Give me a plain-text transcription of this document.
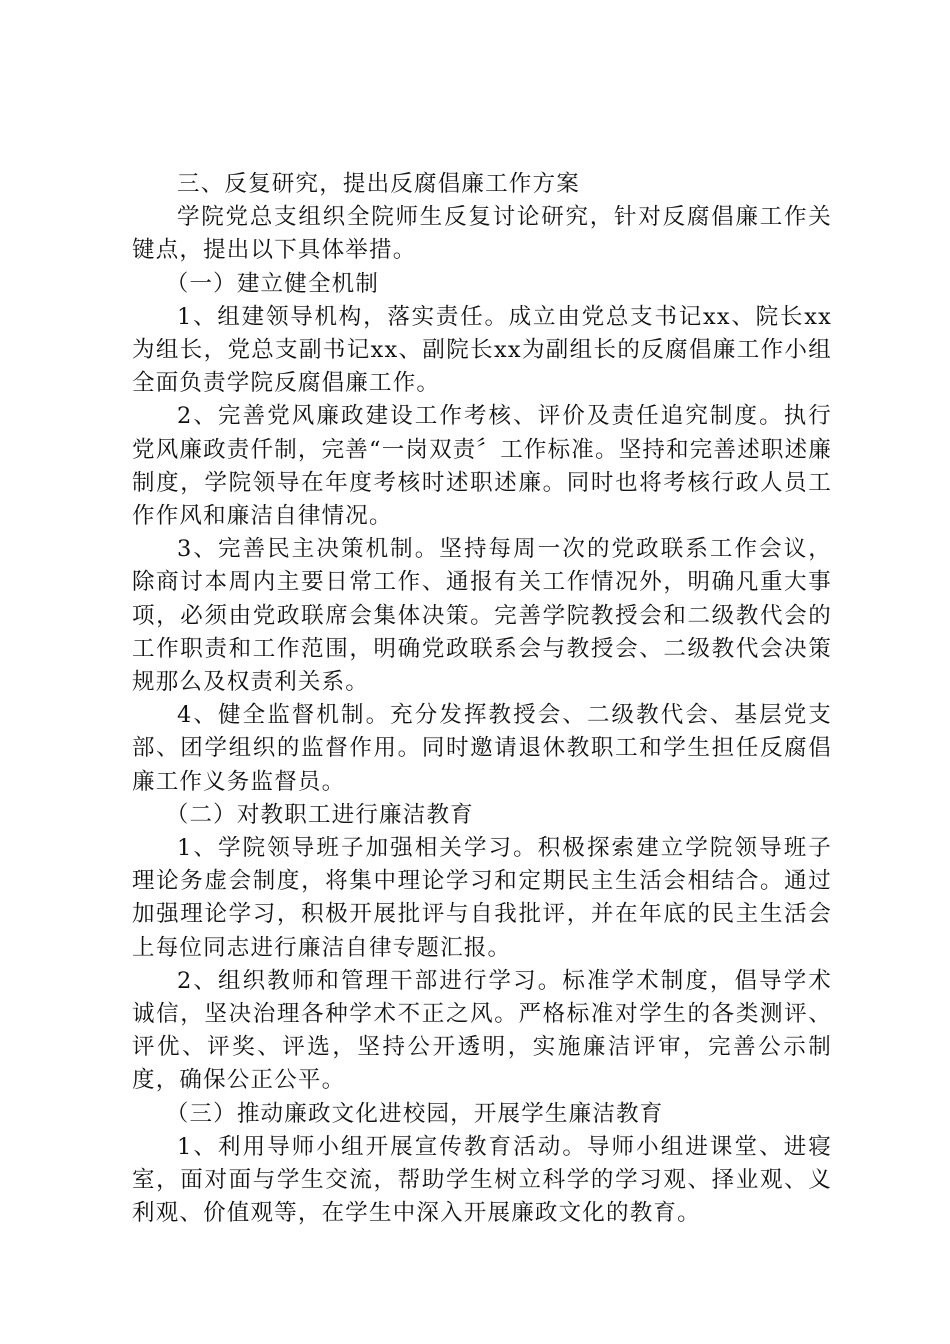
三、反复研究，提出反腐倡廉工作方案

学院党总支组织全院师生反复讨论研究，针对反腐倡廉工作关键点，提出以下具体举措。

（一）建立健全机制

1、组建领导机构，落实责任。成立由党总支书记xx、院长xx为组长，党总支副书记xx、副院长xx为副组长的反腐倡廉工作小组全面负责学院反腐倡廉工作。

2、完善党风廉政建设工作考核、评价及责任追究制度。执行党风廉政责仟制，完善“一岗双责〞工作标准。坚持和完善述职述廉制度，学院领导在年度考核时述职述廉。同时也将考核行政人员工作作风和廉洁自律情况。

3、完善民主决策机制。坚持每周一次的党政联系工作会议，除商讨本周内主要日常工作、通报有关工作情况外，明确凡重大事项，必须由党政联席会集体决策。完善学院教授会和二级教代会的工作职责和工作范围，明确党政联系会与教授会、二级教代会决策规那么及权责利关系。

4、健全监督机制。充分发挥教授会、二级教代会、基层党支部、团学组织的监督作用。同时邀请退休教职工和学生担任反腐倡廉工作义务监督员。

（二）对教职工进行廉洁教育

1、学院领导班子加强相关学习。积极探索建立学院领导班子理论务虚会制度，将集中理论学习和定期民主生活会相结合。通过加强理论学习，积极开展批评与自我批评，并在年底的民主生活会上每位同志进行廉洁自律专题汇报。

2、组织教师和管理干部进行学习。标准学术制度，倡导学术诚信，坚决治理各种学术不正之风。严格标准对学生的各类测评、评优、评奖、评选，坚持公开透明，实施廉洁评审，完善公示制度，确保公正公平。

（三）推动廉政文化进校园，开展学生廉洁教育

1、利用导师小组开展宣传教育活动。导师小组进课堂、进寝室，面对面与学生交流，帮助学生树立科学的学习观、择业观、义利观、价值观等，在学生中深入开展廉政文化的教育。
